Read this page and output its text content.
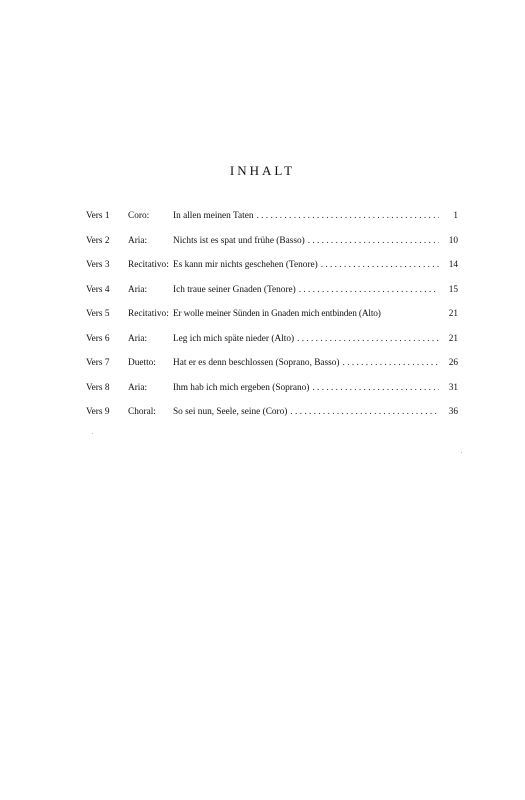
INHALT
Vers 1	Coro:	In allen meinen Taten . . .	1
Vers 2	Aria:	Nichts ist es spat und frühe (Basso) . . .	10
Vers 3	Recitativo: Es kann mir nichts geschehen (Tenore) . . .	14
Vers 4	Aria:	Ich traue seiner Gnaden (Tenore) . . .	15
Vers 5	Recitativo: Er wolle meiner Sünden in Gnaden mich entbinden (Alto)	21
Vers 6	Aria:	Leg ich mich späte nieder (Alto) . . .	21
Vers 7	Duetto:	Hat er es denn beschlossen (Soprano, Basso) . . .	26
Vers 8	Aria:	Ihm hab ich mich ergeben (Soprano) . . .	31
Vers 9	Choral:	So sei nun, Seele, seine (Coro) . . .	36
